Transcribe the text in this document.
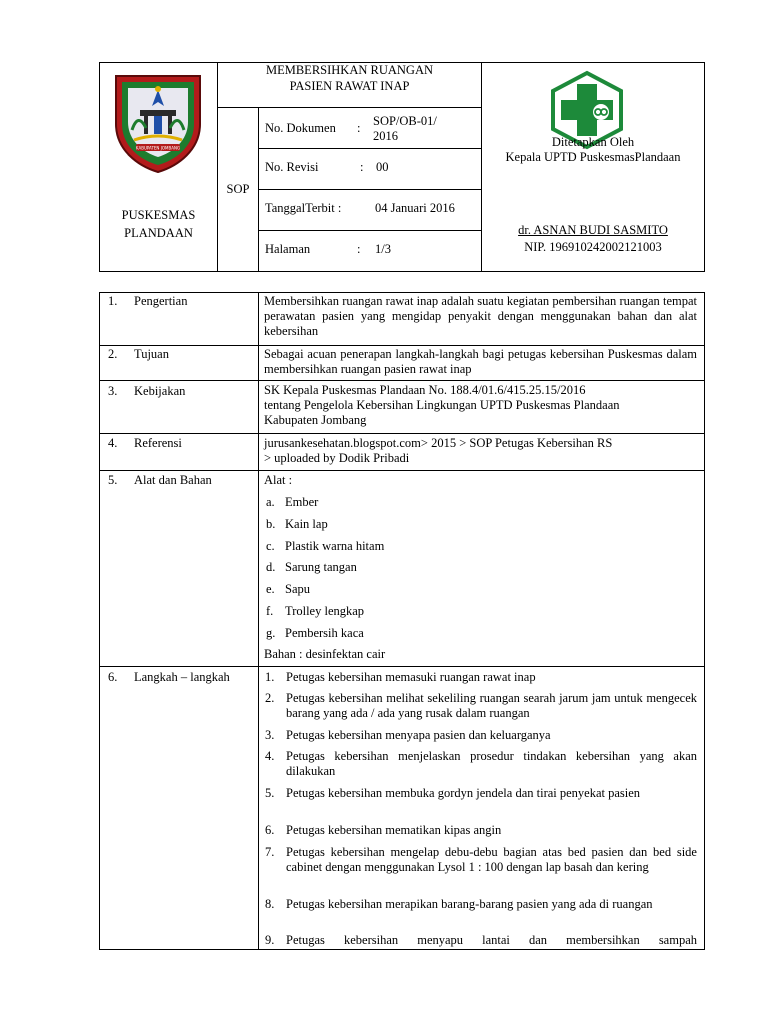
KABUPATEN JOMBANG
PUSKESMAS
PLANDAAN
MEMBERSIHKAN RUANGAN
PASIEN RAWAT INAP
SOP
No. Dokumen : SOP/OB-01/
2016
No. Revisi	: 00
TanggalTerbit :	04 Januari 2016
Halaman	: 1/3
Ditetapkan Oleh
Kepala UPTD PuskesmasPlandaan
dr. ASNAN BUDI SASMITO
NIP. 196910242002121003
1. Pengertian	Membersihkan ruangan rawat inap adalah suatu kegiatan pembersihan ruangan tempat perawatan pasien yang mengidap penyakit dengan menggunakan bahan dan alat kebersihan
2. Tujuan	Sebagai acuan penerapan langkah-langkah bagi petugas kebersihan Puskesmas dalam membersihkan ruangan pasien rawat inap
3. Kebijakan	SK Kepala Puskesmas Plandaan No. 188.4/01.6/415.25.15/2016
tentang Pengelola Kebersihan Lingkungan UPTD Puskesmas Plandaan
Kabupaten Jombang
4. Referensi	jurusankesehatan.blogspot.com> 2015 > SOP Petugas Kebersihan RS
> uploaded by Dodik Pribadi
5. Alat dan Bahan	Alat :
a. Ember
b. Kain lap
c. Plastik warna hitam
d. Sarung tangan
e. Sapu
f. Trolley lengkap
g. Pembersih kaca
Bahan : desinfektan cair
6. Langkah – langkah	1. Petugas kebersihan memasuki ruangan rawat inap
2. Petugas kebersihan melihat sekeliling ruangan searah jarum jam untuk mengecek barang yang ada / ada yang rusak dalam ruangan
3. Petugas kebersihan menyapa pasien dan keluarganya
4. Petugas kebersihan menjelaskan prosedur tindakan kebersihan yang akan dilakukan
5. Petugas kebersihan membuka gordyn jendela dan tirai penyekat pasien
6. Petugas kebersihan mematikan kipas angin
7. Petugas kebersihan mengelap debu-debu bagian atas bed pasien dan bed side cabinet dengan menggunakan Lysol 1 : 100 dengan lap basah dan kering
8. Petugas kebersihan merapikan barang-barang pasien yang ada di ruangan
9. Petugas kebersihan menyapu lantai dan membersihkan sampah
